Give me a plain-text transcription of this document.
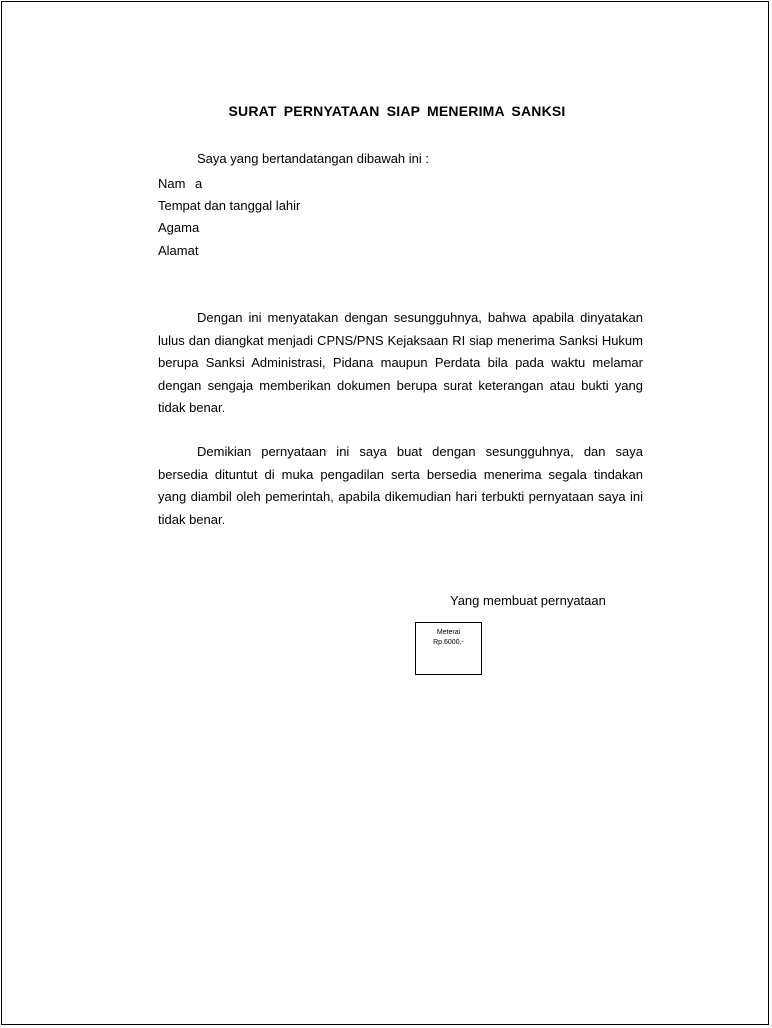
SURAT PERNYATAAN SIAP MENERIMA SANKSI
Saya yang bertandatangan dibawah ini :
Nam a
Tempat dan tanggal lahir
Agama
Alamat

Dengan ini menyatakan dengan sesungguhnya, bahwa apabila dinyatakan lulus dan diangkat menjadi CPNS/PNS Kejaksaan RI siap menerima Sanksi Hukum berupa Sanksi Administrasi, Pidana maupun Perdata bila pada waktu melamar dengan sengaja memberikan dokumen berupa surat keterangan atau bukti yang tidak benar.

Demikian pernyataan ini saya buat dengan sesungguhnya, dan saya bersedia dituntut di muka pengadilan serta bersedia menerima segala tindakan yang diambil oleh pemerintah, apabila dikemudian hari terbukti pernyataan saya ini tidak benar.

Yang membuat pernyataan
Meterai
Rp.6000,-
